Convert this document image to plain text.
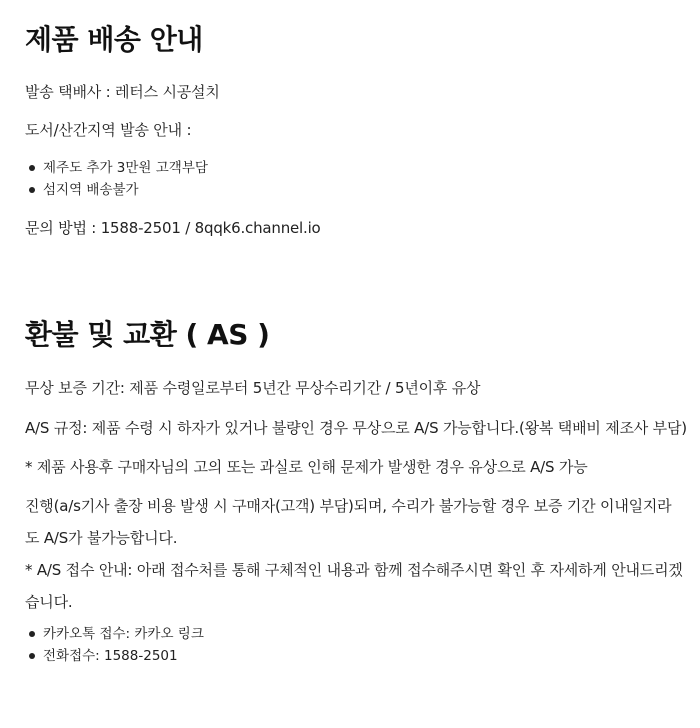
제품 배송 안내
발송 택배사 : 레터스 시공설치
도서/산간지역 발송 안내 :
제주도 추가 3만원 고객부담
섬지역 배송불가
문의 방법 : 1588-2501 / 8qqk6.channel.io
환불 및 교환 ( AS )
무상 보증 기간: 제품 수령일로부터 5년간 무상수리기간 / 5년이후 유상
A/S 규정: 제품 수령 시 하자가 있거나 불량인 경우 무상으로 A/S 가능합니다.(왕복 택배비 제조사 부담)
* 제품 사용후 구매자님의 고의 또는 과실로 인해 문제가 발생한 경우 유상으로 A/S 가능
진행(a/s기사 출장 비용 발생 시 구매자(고객) 부담)되며, 수리가 불가능할 경우 보증 기간 이내일지라도 A/S가 불가능합니다.
* A/S 접수 안내: 아래 접수처를 통해 구체적인 내용과 함께 접수해주시면 확인 후 자세하게 안내드리겠습니다.
카카오톡 접수: 카카오 링크
전화접수: 1588-2501
